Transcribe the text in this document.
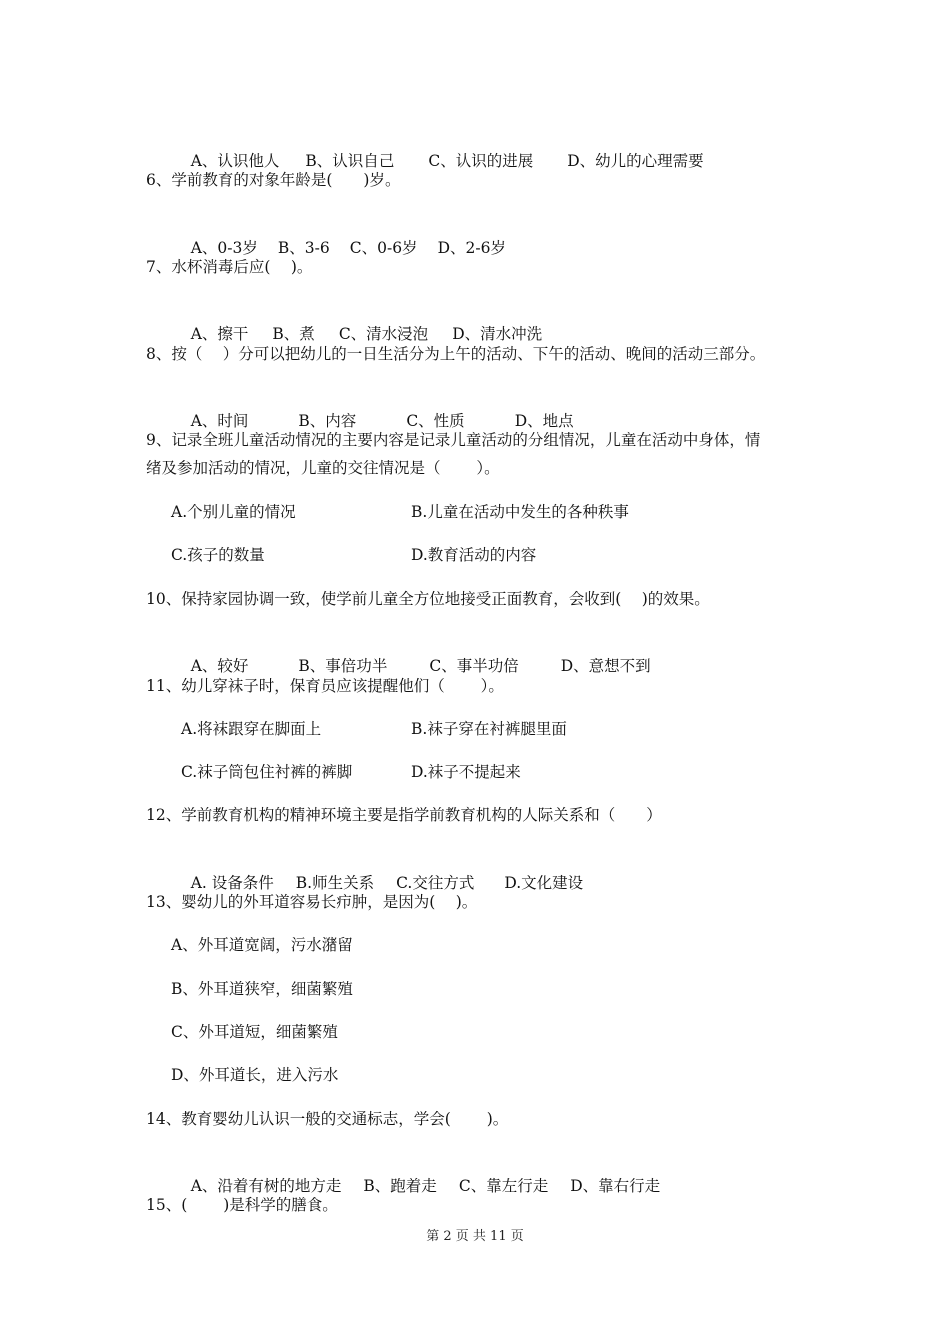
A、认识他人 B、认识自己 C、认识的进展 D、幼儿的心理需要

6、学前教育的对象年龄是(　　)岁。

A、0-3岁 B、3-6 C、0-6岁 D、2-6岁

7、水杯消毒后应(　 )。

A、擦干 B、煮 C、清水浸泡 D、清水冲洗

8、按（　 ）分可以把幼儿的一日生活分为上午的活动、下午的活动、晚间的活动三部分。

A、时间	B、内容	C、性质	D、地点

9、记录全班儿童活动情况的主要内容是记录儿童活动的分组情况，儿童在活动中身体，情
绪及参加活动的情况，儿童的交往情况是（　　 ）。
A.个别儿童的情况	B.儿童在活动中发生的各种秩事
C.孩子的数量	D.教育活动的内容
10、保持家园协调一致，使学前儿童全方位地接受正面教育，会收到(　 )的效果。

A、较好	B、事倍功半	C、事半功倍	D、意想不到

11、幼儿穿袜子时，保育员应该提醒他们（　　 ）。
A.将袜跟穿在脚面上	B.袜子穿在衬裤腿里面
C.袜子筒包住衬裤的裤脚	D.袜子不提起来
12、学前教育机构的精神环境主要是指学前教育机构的人际关系和（　　）

A. 设备条件 B.师生关系 C.交往方式 D.文化建设

13、婴幼儿的外耳道容易长疖肿，是因为(　 )。
A、外耳道宽阔，污水潴留
B、外耳道狭窄，细菌繁殖
C、外耳道短，细菌繁殖
D、外耳道长，进入污水
14、教育婴幼儿认识一般的交通标志，学会(　　 )。

A、沿着有树的地方走 B、跑着走 C、靠左行走 D、靠右行走

15、(　　 )是科学的膳食。
第 2 页 共 11 页
